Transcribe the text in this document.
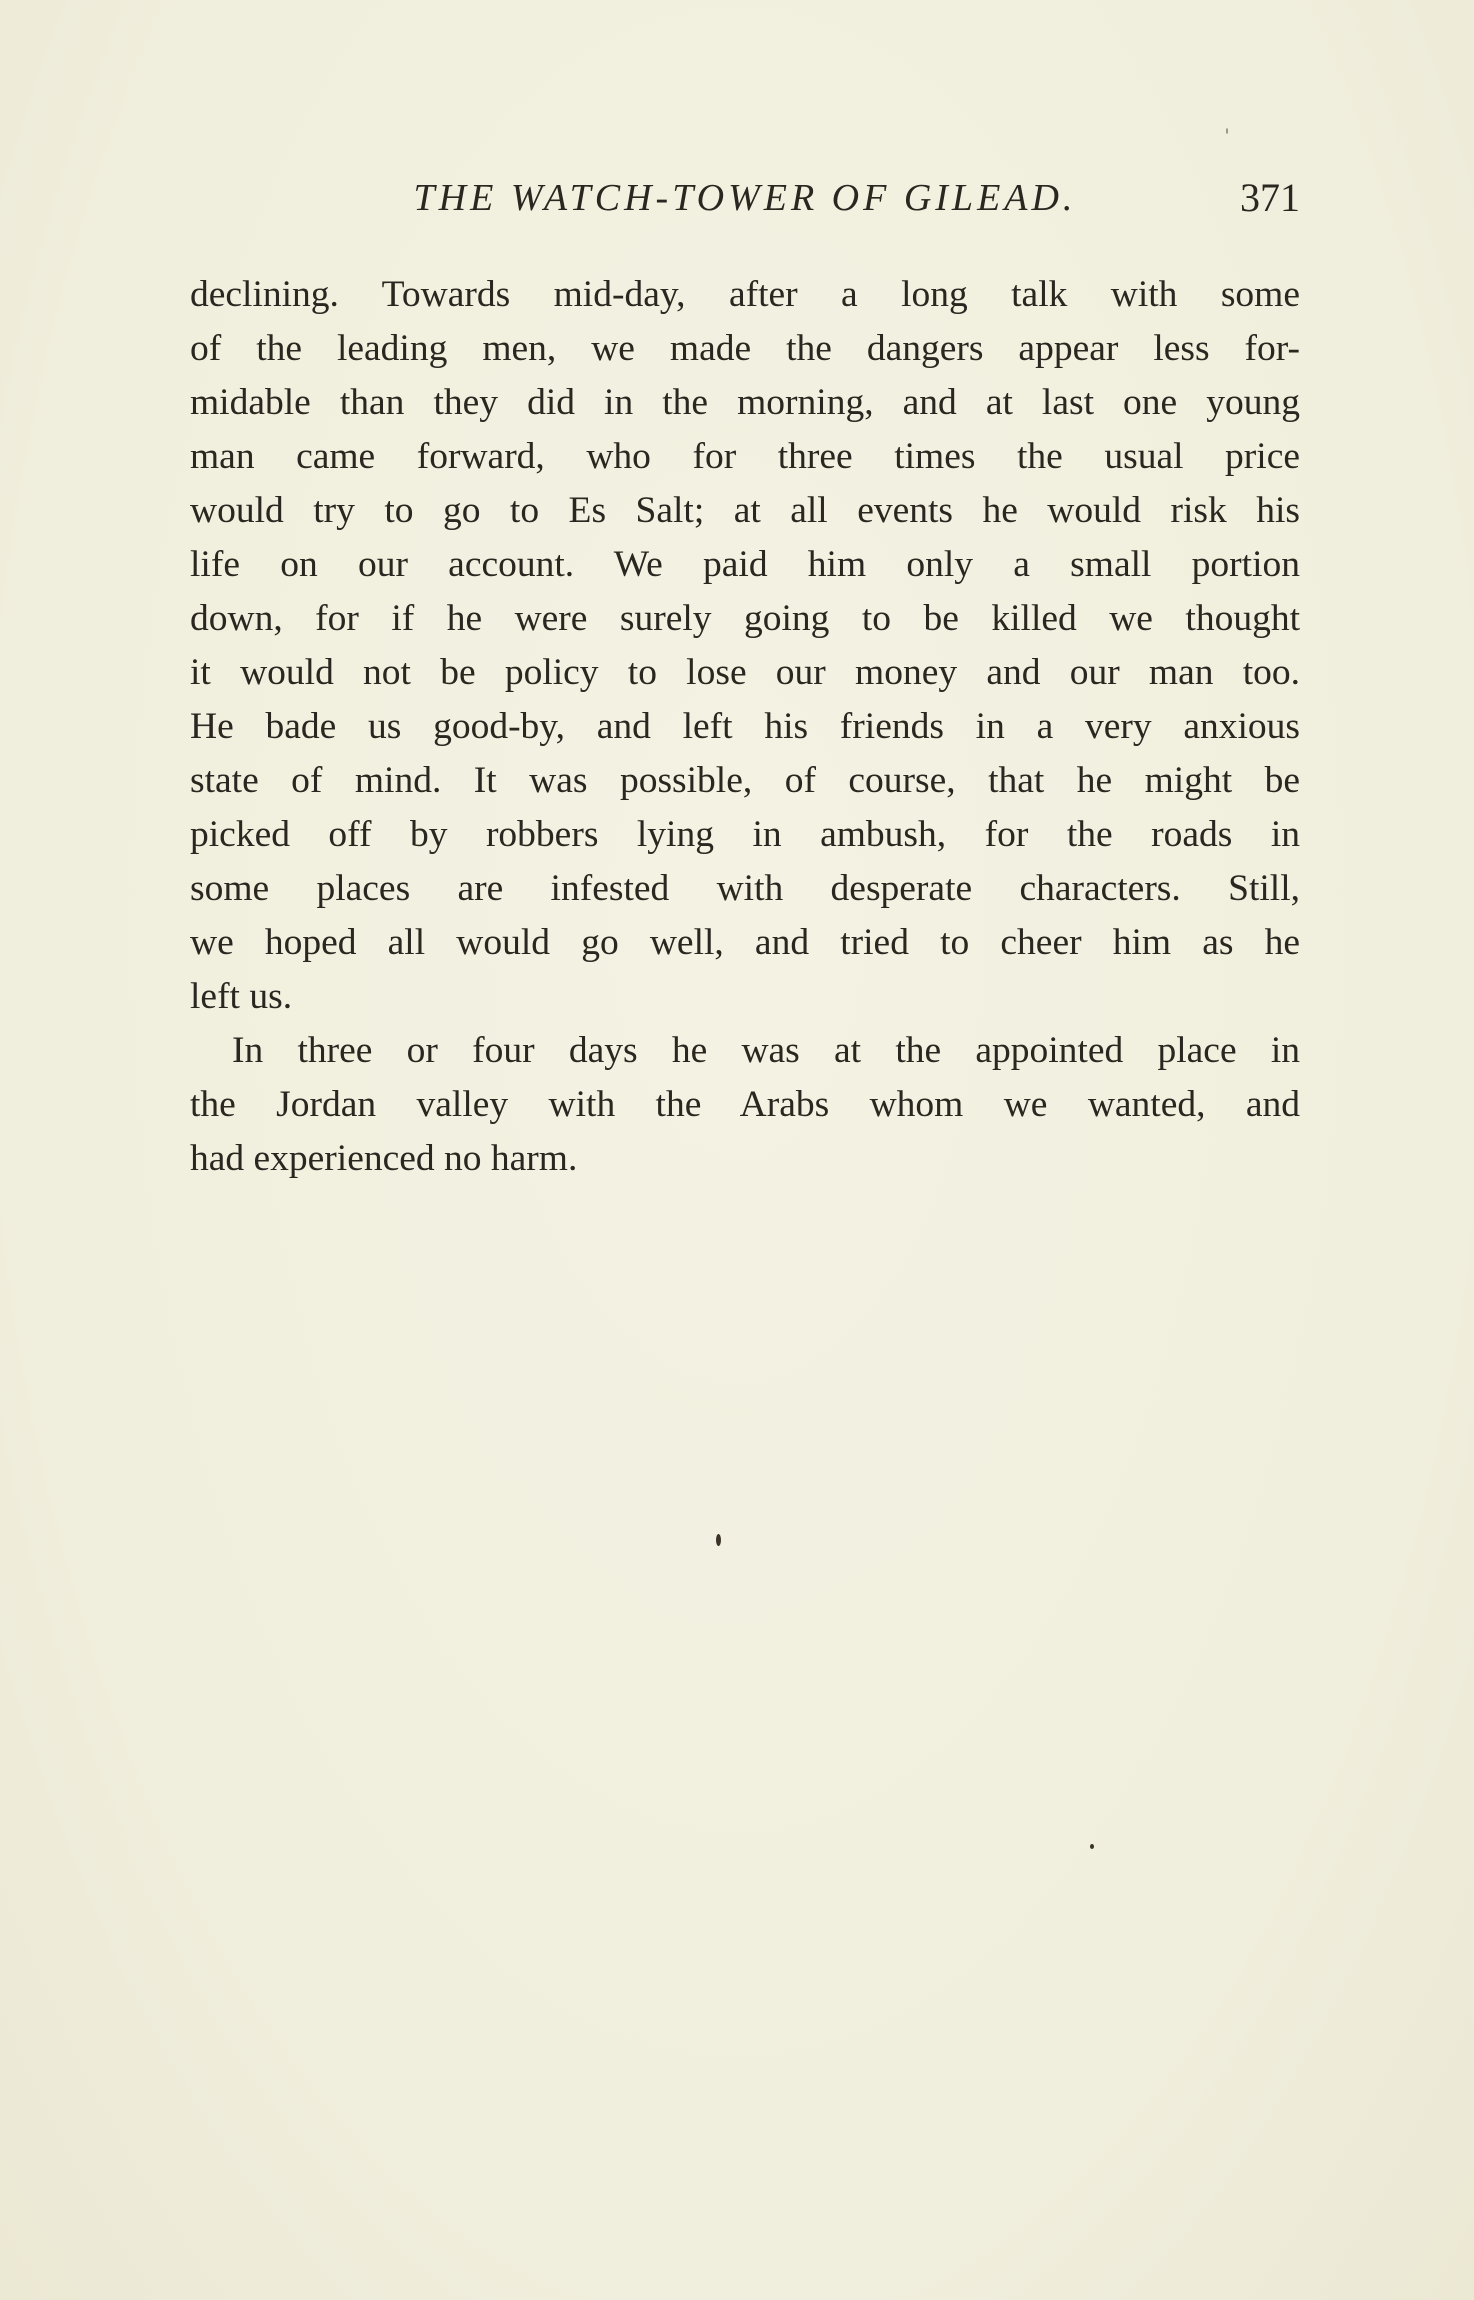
THE WATCH-TOWER OF GILEAD.	371

declining. Towards mid-day, after a long talk with some
of the leading men, we made the dangers appear less for-
midable than they did in the morning, and at last one young
man came forward, who for three times the usual price
would try to go to Es Salt; at all events he would risk his
life on our account. We paid him only a small portion
down, for if he were surely going to be killed we thought
it would not be policy to lose our money and our man too.
He bade us good-by, and left his friends in a very anxious
state of mind. It was possible, of course, that he might be
picked off by robbers lying in ambush, for the roads in
some places are infested with desperate characters. Still,
we hoped all would go well, and tried to cheer him as he
left us.

In three or four days he was at the appointed place in
the Jordan valley with the Arabs whom we wanted, and
had experienced no harm.
